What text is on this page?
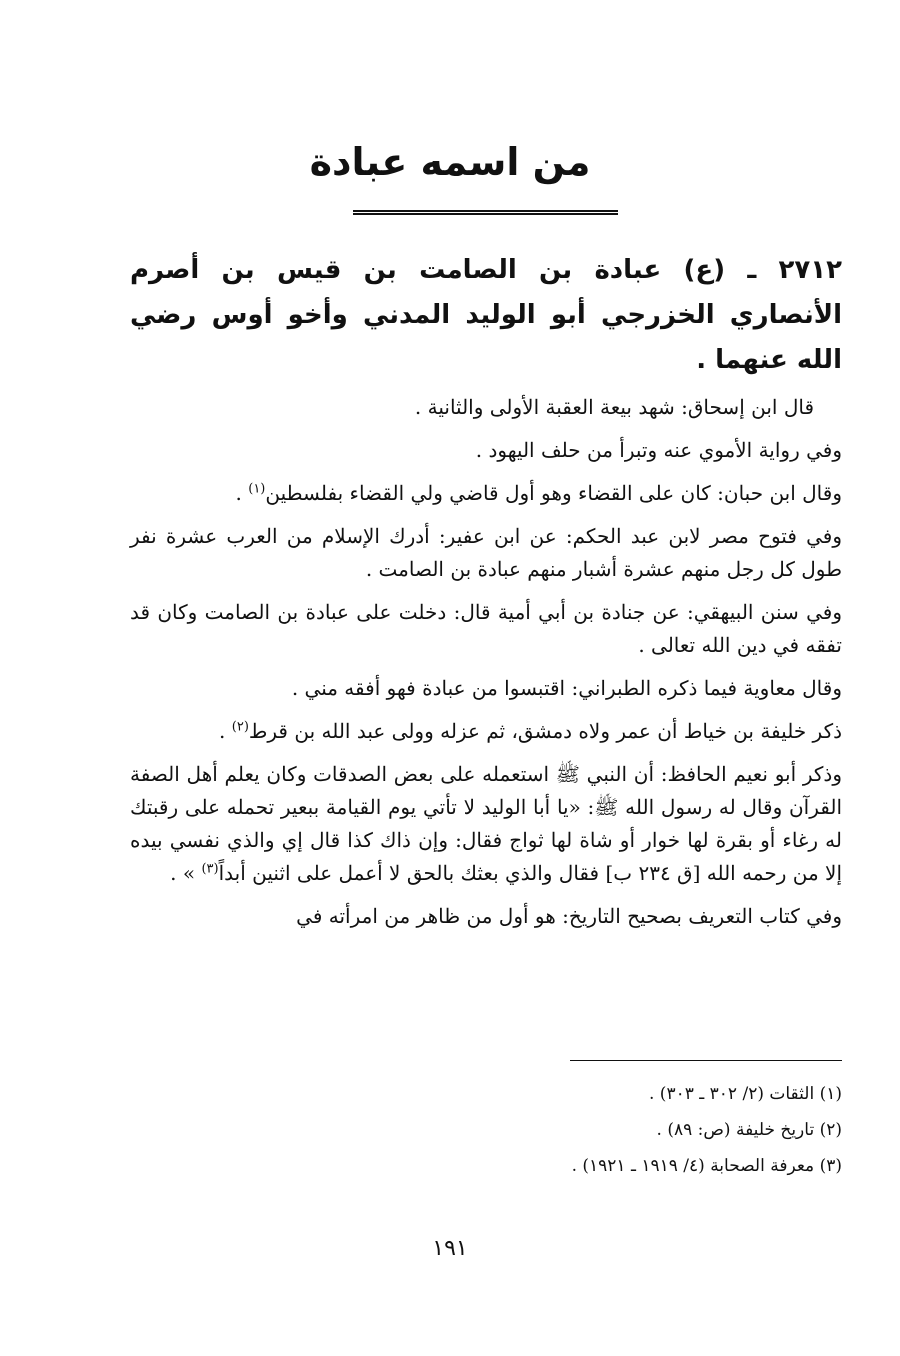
من اسمه عبادة
٢٧١٢ ـ (ع) عبادة بن الصامت بن قيس بن أصرم الأنصاري الخزرجي أبو الوليد المدني وأخو أوس رضي الله عنهما .

قال ابن إسحاق: شهد بيعة العقبة الأولى والثانية .

وفي رواية الأموي عنه وتبرأ من حلف اليهود .

وقال ابن حبان: كان على القضاء وهو أول قاضي ولي القضاء بفلسطين$^{(١)}$ .

وفي فتوح مصر لابن عبد الحكم: عن ابن عفير: أدرك الإسلام من العرب عشرة نفر طول كل رجل منهم عشرة أشبار منهم عبادة بن الصامت .

وفي سنن البيهقي: عن جنادة بن أبي أمية قال: دخلت على عبادة بن الصامت وكان قد تفقه في دين الله تعالى .

وقال معاوية فيما ذكره الطبراني: اقتبسوا من عبادة فهو أفقه مني .

ذكر خليفة بن خياط أن عمر ولاه دمشق، ثم عزله وولى عبد الله بن قرط$^{(٢)}$ .

وذكر أبو نعيم الحافظ: أن النبي ﷺ استعمله على بعض الصدقات وكان يعلم أهل الصفة القرآن وقال له رسول الله ﷺ: «يا أبا الوليد لا تأتي يوم القيامة ببعير تحمله على رقبتك له رغاء أو بقرة لها خوار أو شاة لها ثواج فقال: وإن ذاك كذا قال إي والذي نفسي بيده إلا من رحمه الله [ق ٢٣٤ ب] فقال والذي بعثك بالحق لا أعمل على اثنين أبداً$^{(٣)}$ » .

وفي كتاب التعريف بصحيح التاريخ: هو أول من ظاهر من امرأته في

(١) الثقات (٢/ ٣٠٢ ـ ٣٠٣) .
(٢) تاريخ خليفة (ص: ٨٩) .
(٣) معرفة الصحابة (٤/ ١٩١٩ ـ ١٩٢١) .
١٩١
